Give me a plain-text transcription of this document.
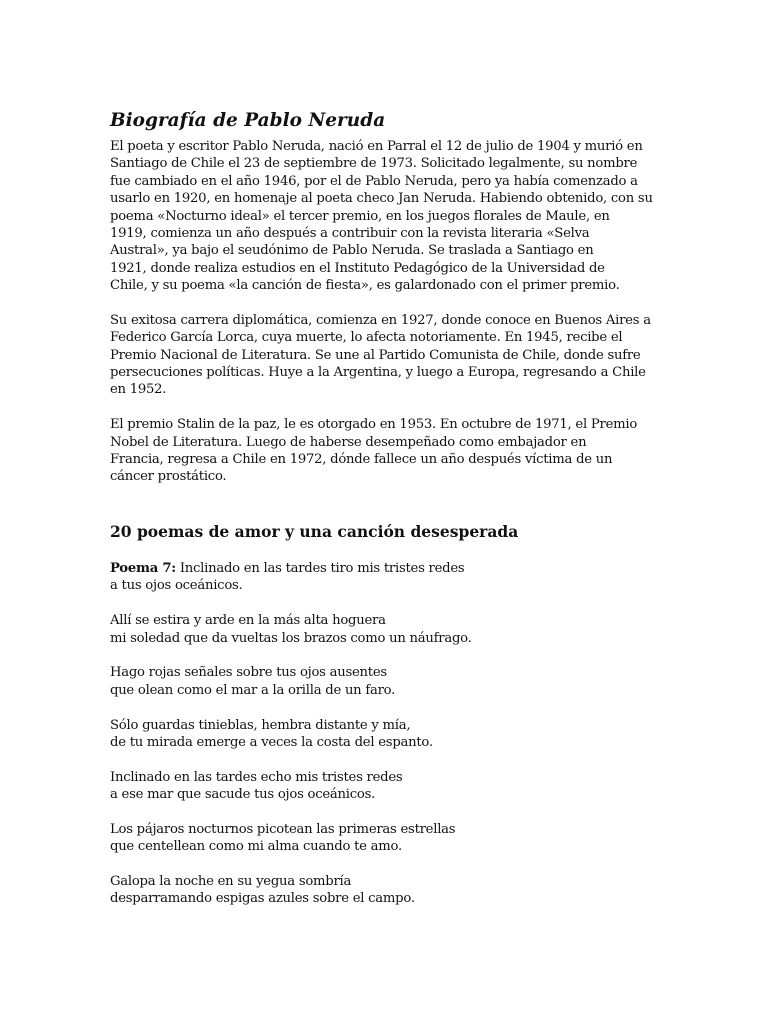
Biografía de Pablo Neruda
El poeta y escritor Pablo Neruda, nació en Parral el 12 de julio de 1904 y murió en
Santiago de Chile el 23 de septiembre de 1973. Solicitado legalmente, su nombre
fue cambiado en el año 1946, por el de Pablo Neruda, pero ya había comenzado a
usarlo en 1920, en homenaje al poeta checo Jan Neruda. Habiendo obtenido, con su
poema «Nocturno ideal» el tercer premio, en los juegos florales de Maule, en
1919, comienza un año después a contribuir con la revista literaria «Selva
Austral», ya bajo el seudónimo de Pablo Neruda. Se traslada a Santiago en
1921, donde realiza estudios en el Instituto Pedagógico de la Universidad de
Chile, y su poema «la canción de fiesta», es galardonado con el primer premio.
Su exitosa carrera diplomática, comienza en 1927, donde conoce en Buenos Aires a
Federico García Lorca, cuya muerte, lo afecta notoriamente. En 1945, recibe el
Premio Nacional de Literatura. Se une al Partido Comunista de Chile, donde sufre
persecuciones políticas. Huye a la Argentina, y luego a Europa, regresando a Chile
en 1952.
El premio Stalin de la paz, le es otorgado en 1953. En octubre de 1971, el Premio
Nobel de Literatura. Luego de haberse desempeñado como embajador en
Francia, regresa a Chile en 1972, dónde fallece un año después víctima de un
cáncer prostático.
20 poemas de amor y una canción desesperada
Poema 7: Inclinado en las tardes tiro mis tristes redes
a tus ojos oceánicos.
Allí se estira y arde en la más alta hoguera
mi soledad que da vueltas los brazos como un náufrago.
Hago rojas señales sobre tus ojos ausentes
que olean como el mar a la orilla de un faro.
Sólo guardas tinieblas, hembra distante y mía,
de tu mirada emerge a veces la costa del espanto.
Inclinado en las tardes echo mis tristes redes
a ese mar que sacude tus ojos oceánicos.
Los pájaros nocturnos picotean las primeras estrellas
que centellean como mi alma cuando te amo.
Galopa la noche en su yegua sombría
desparramando espigas azules sobre el campo.
